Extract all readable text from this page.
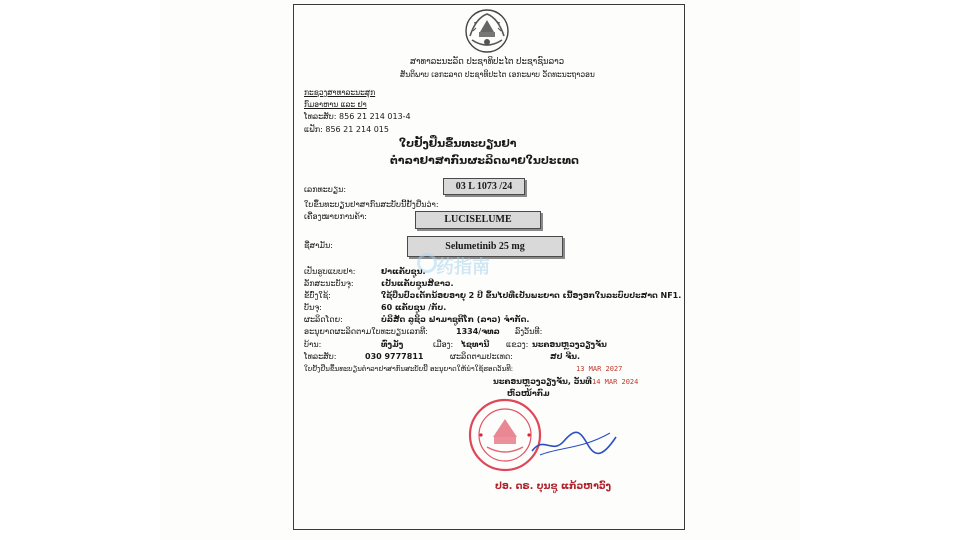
ສາທາລະນະລັດ ປະຊາທິປະໄຕ ປະຊາຊົນລາວ
ສັນຕິພາບ ເອກະລາດ ປະຊາທິປະໄຕ ເອກະພາບ ວັດທະນະຖາວອນ
ກະຊວງສາທາລະນະສຸກ
ກົມອາຫານ ແລະ ຢາ
ໂທລະສັບ: 856 21 214 013-4
ແຟັກ: 856 21 214 015
ໃບຢັ້ງຢືນຂຶ້ນທະບຽນຢາ
ຕໍາລາຢາສາກົນຜະລິດພາຍໃນປະເທດ
ເລກທະບຽນ:	03 L 1073 /24
ໃບຂຶ້ນທະບຽນຢາສາກົນສະບັບນີ້ຢັ້ງຢືນວ່າ:
ເຄື່ອງໝາຍການຄ້າ:	LUCISELUME
ຊື່ສາມັນ:	Selumetinib 25 mg
药指南
ເປັນຮູບແບບຢາ:	ຢາແຄັບຊູນ.
ລັກສະນະບັນຈຸ:	ເປັນແຄັບຊູນສີຂາວ.
ຂໍ້ບົ່ງໃຊ້:	ໃຊ້ປິ່ນປົວເດັກນ້ອຍອາຍຸ 2 ປີ ຂຶ້ນໄປທີ່ເປັນພະຍາດ ເນື້ອງອກໃນລະບົບປະສາດ NF1.
ບັນຈຸ:	60 ແຄັບຊູນ /ກັບ.
ຜະລິດໂດຍ:	ບໍລິສັດ ລູຊິວ ຟາມາຊູຕິໂກ (ລາວ) ຈໍາກັດ.
ອະນຸຍາດຜະລິດຕາມໃບທະບຽນເລກທີ:	1334/ຈທລ ລົງວັນທີ:
ບ້ານ:	ທົ່ງມັງ	ເມືອງ: ໄຊທານີ ແຂວງ: ນະຄອນຫຼວງວຽງຈັນ
ໂທລະສັບ:	030 9777811	ຜະລິດຕາມປະເທດ:	ສປ ຈີນ.
ໃບຢັ້ງຢືນຂຶ້ນທະບຽນຕໍາລາຢາສາກົນສະບັບນີ້ ອະນຸຍາດໃຫ້ນໍາໃຊ້ຮອດວັນທີ:	13 MAR 2027
ນະຄອນຫຼວງວຽງຈັນ, ວັນທີ 14 MAR 2024
ຫົວໜ້າກົມ
ປອ. ດຣ. ບຸນຊູ ແກ້ວຫາວົງ
